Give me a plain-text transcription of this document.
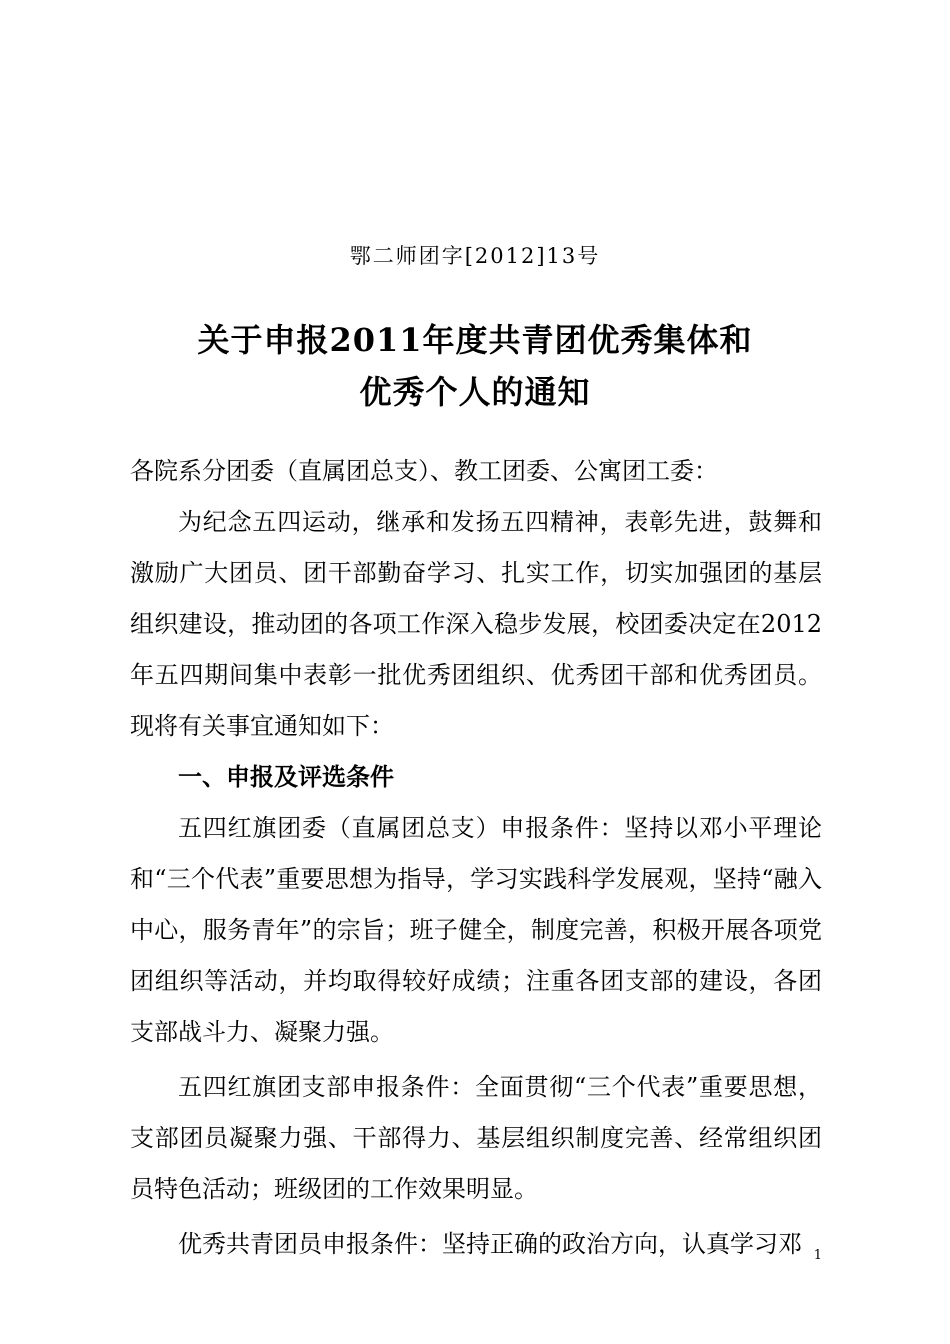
鄂二师团字[2012]13号
关于申报2011年度共青团优秀集体和
优秀个人的通知

各院系分团委（直属团总支）、教工团委、公寓团工委：

为纪念五四运动，继承和发扬五四精神，表彰先进，鼓舞和激励广大团员、团干部勤奋学习、扎实工作，切实加强团的基层组织建设，推动团的各项工作深入稳步发展，校团委决定在2012年五四期间集中表彰一批优秀团组织、优秀团干部和优秀团员。现将有关事宜通知如下：

一、申报及评选条件

五四红旗团委（直属团总支）申报条件：坚持以邓小平理论和“三个代表”重要思想为指导，学习实践科学发展观，坚持“融入中心，服务青年”的宗旨；班子健全，制度完善，积极开展各项党团组织等活动，并均取得较好成绩；注重各团支部的建设，各团支部战斗力、凝聚力强。

五四红旗团支部申报条件：全面贯彻“三个代表”重要思想，支部团员凝聚力强、干部得力、基层组织制度完善、经常组织团员特色活动；班级团的工作效果明显。

优秀共青团员申报条件：坚持正确的政治方向，认真学习邓 1
